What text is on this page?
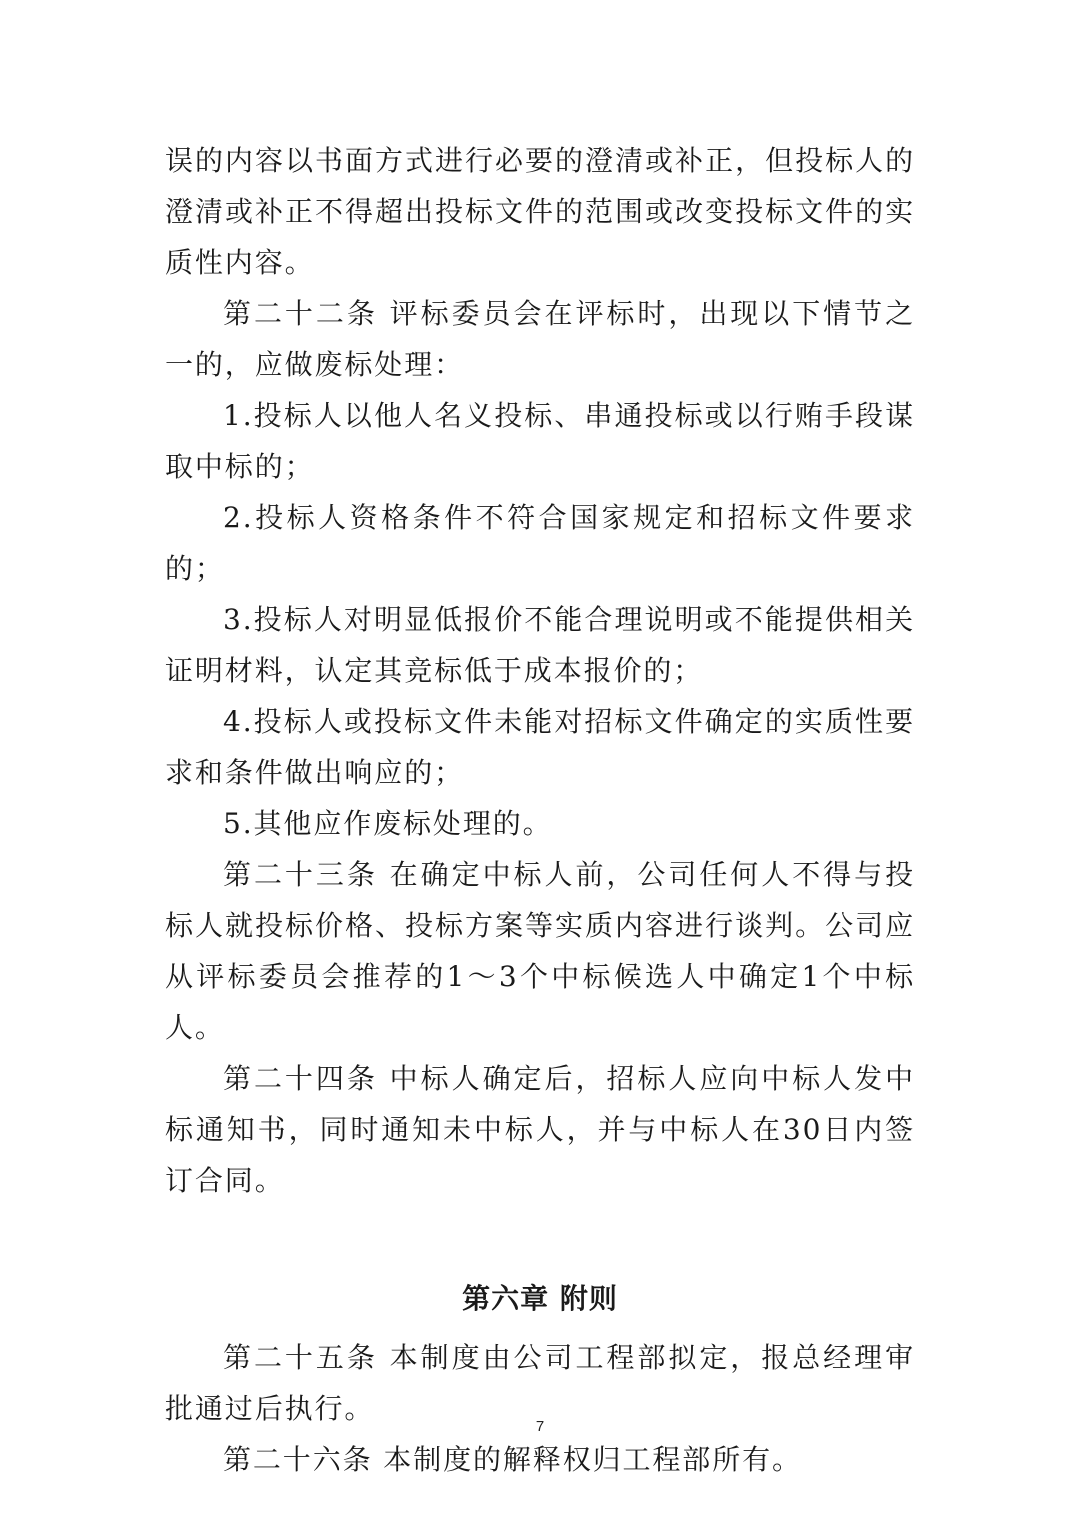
误的内容以书面方式进行必要的澄清或补正，但投标人的澄清或补正不得超出投标文件的范围或改变投标文件的实质性内容。

第二十二条 评标委员会在评标时，出现以下情节之一的，应做废标处理：

1.投标人以他人名义投标、串通投标或以行贿手段谋取中标的；

2.投标人资格条件不符合国家规定和招标文件要求的；

3.投标人对明显低报价不能合理说明或不能提供相关证明材料，认定其竞标低于成本报价的；

4.投标人或投标文件未能对招标文件确定的实质性要求和条件做出响应的；

5.其他应作废标处理的。

第二十三条 在确定中标人前，公司任何人不得与投标人就投标价格、投标方案等实质内容进行谈判。公司应从评标委员会推荐的1～3个中标候选人中确定1个中标人。

第二十四条 中标人确定后，招标人应向中标人发中标通知书，同时通知未中标人，并与中标人在30日内签订合同。

第六章 附则

第二十五条 本制度由公司工程部拟定，报总经理审批通过后执行。

第二十六条 本制度的解释权归工程部所有。

7
